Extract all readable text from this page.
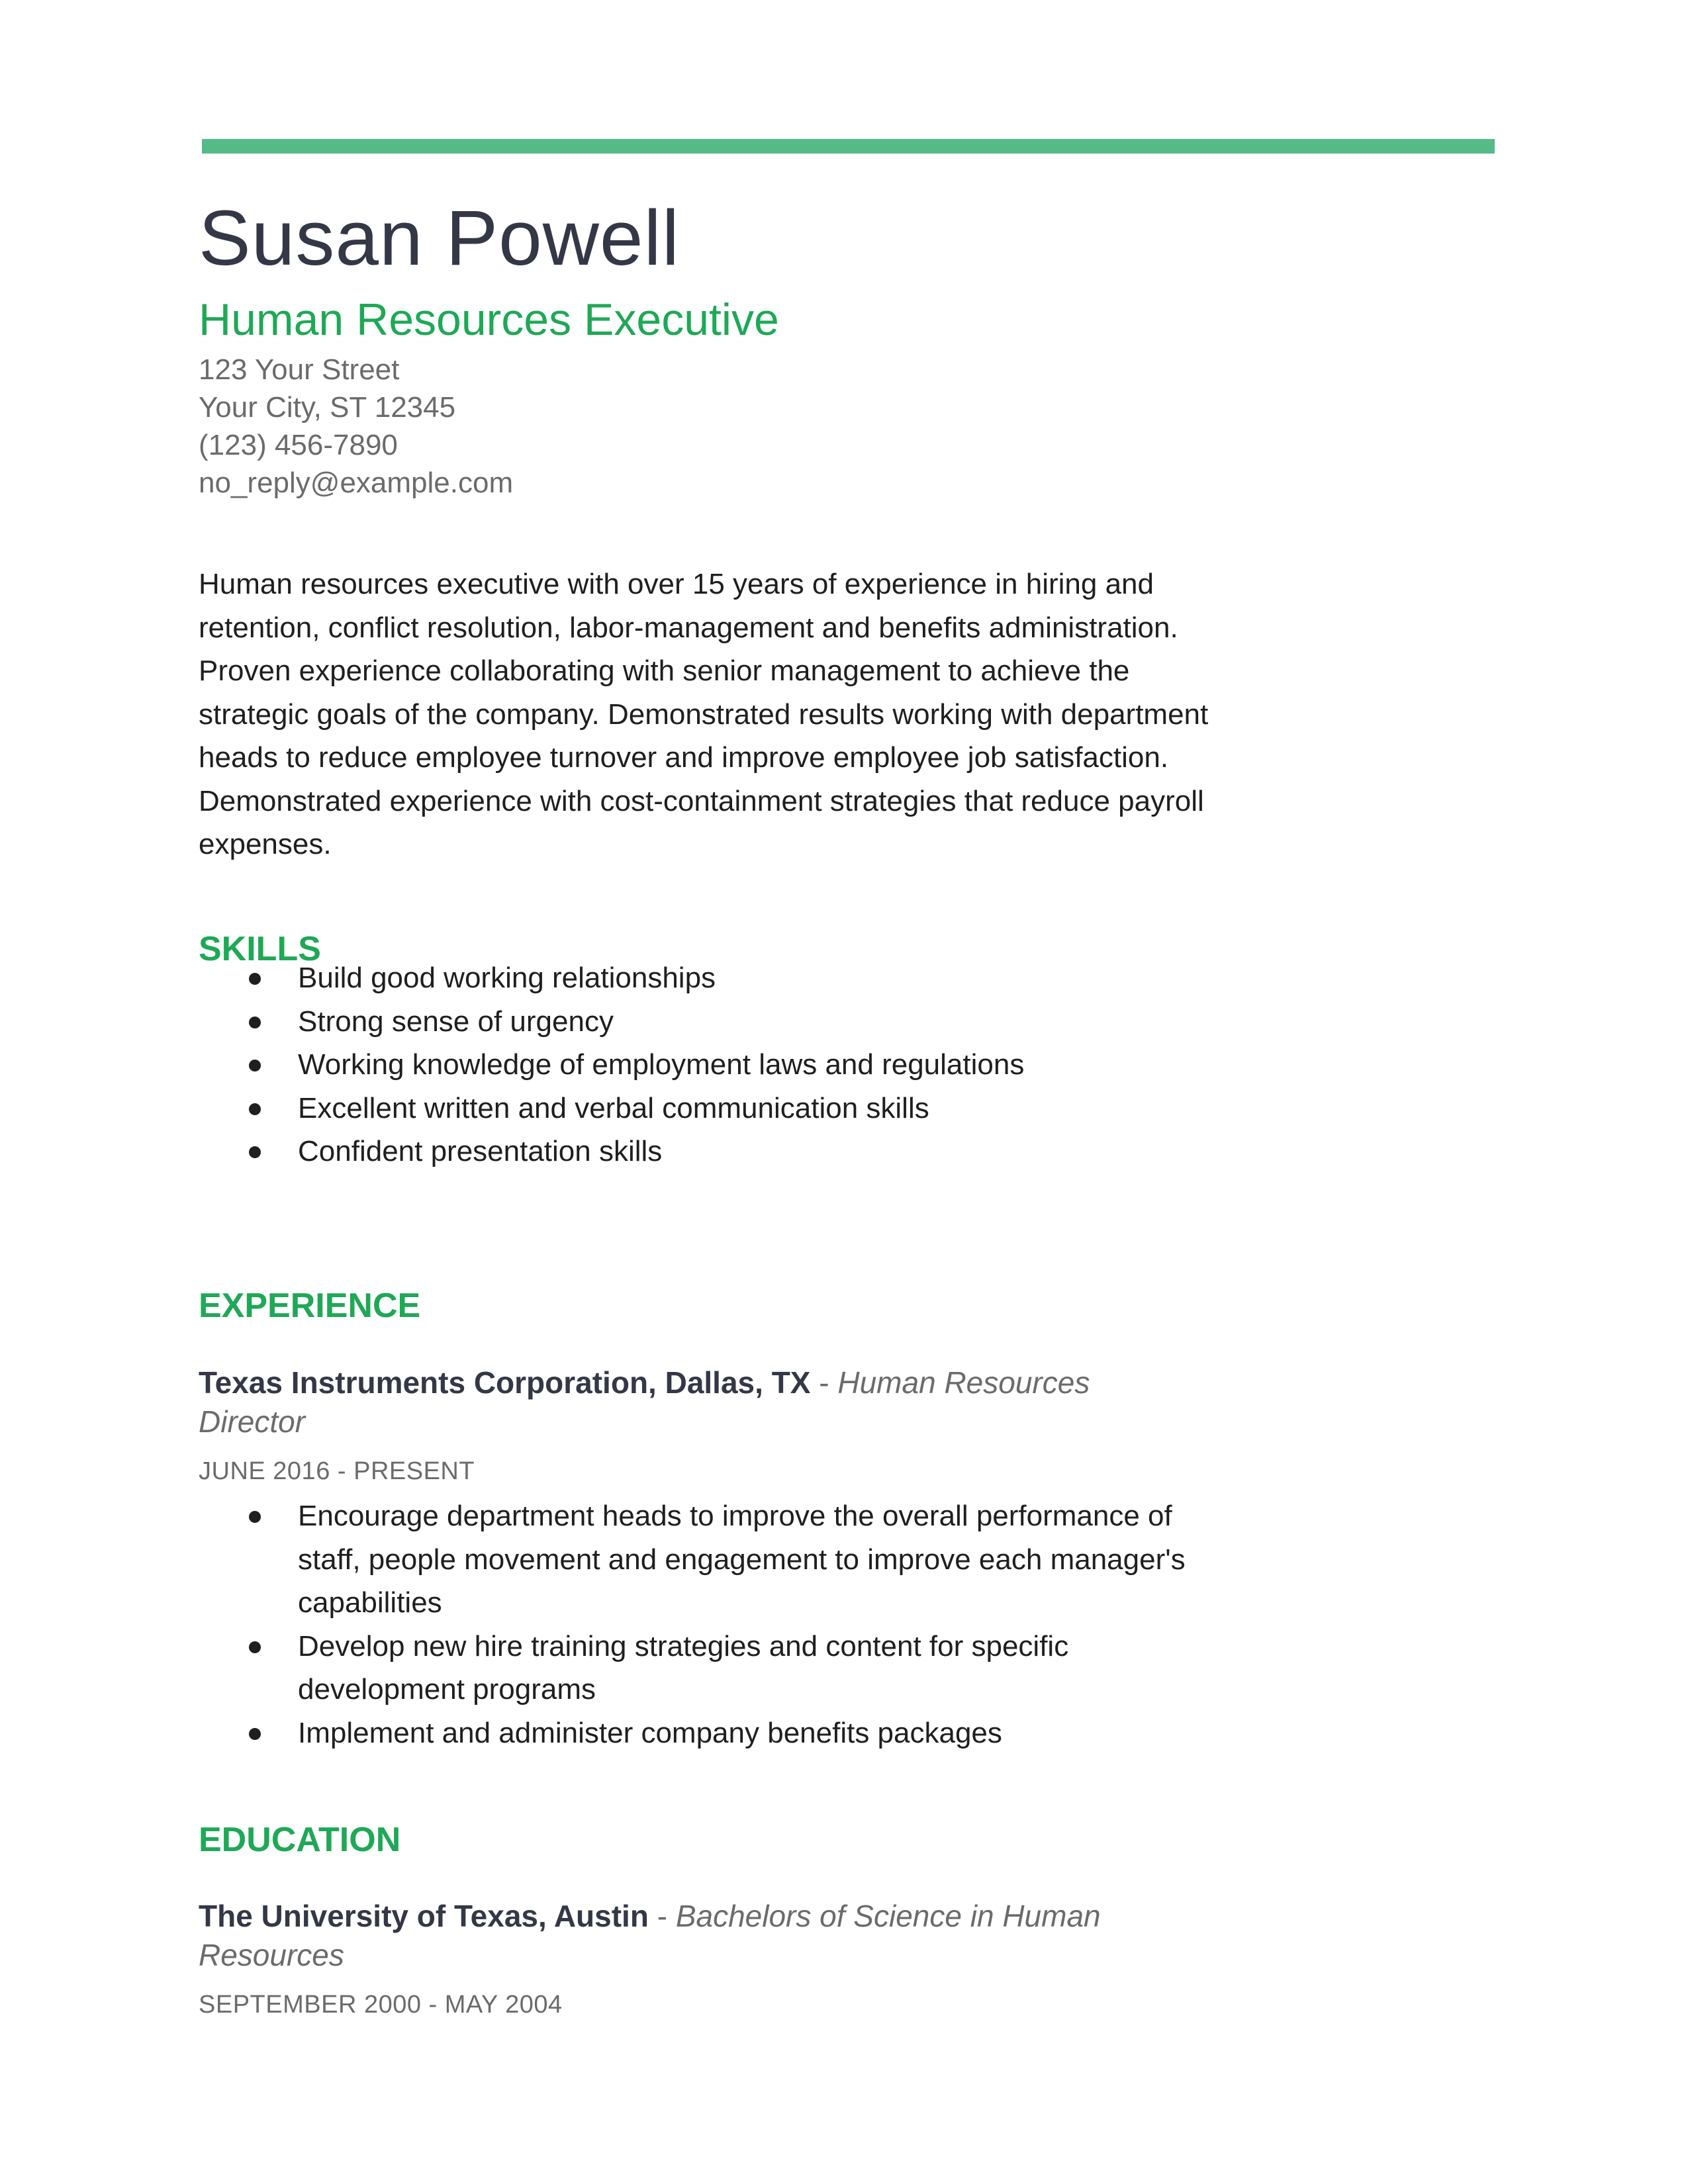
Susan Powell
Human Resources Executive
123 Your Street
Your City, ST 12345
(123) 456-7890
no_reply@example.com
Human resources executive with over 15 years of experience in hiring and retention, conflict resolution, labor-management and benefits administration. Proven experience collaborating with senior management to achieve the strategic goals of the company. Demonstrated results working with department heads to reduce employee turnover and improve employee job satisfaction. Demonstrated experience with cost-containment strategies that reduce payroll expenses.
SKILLS
Build good working relationships
Strong sense of urgency
Working knowledge of employment laws and regulations
Excellent written and verbal communication skills
Confident presentation skills
EXPERIENCE
Texas Instruments Corporation, Dallas, TX - Human Resources Director
JUNE 2016 - PRESENT
Encourage department heads to improve the overall performance of staff, people movement and engagement to improve each manager's capabilities
Develop new hire training strategies and content for specific development programs
Implement and administer company benefits packages
EDUCATION
The University of Texas, Austin - Bachelors of Science in Human Resources
SEPTEMBER 2000 - MAY 2004
